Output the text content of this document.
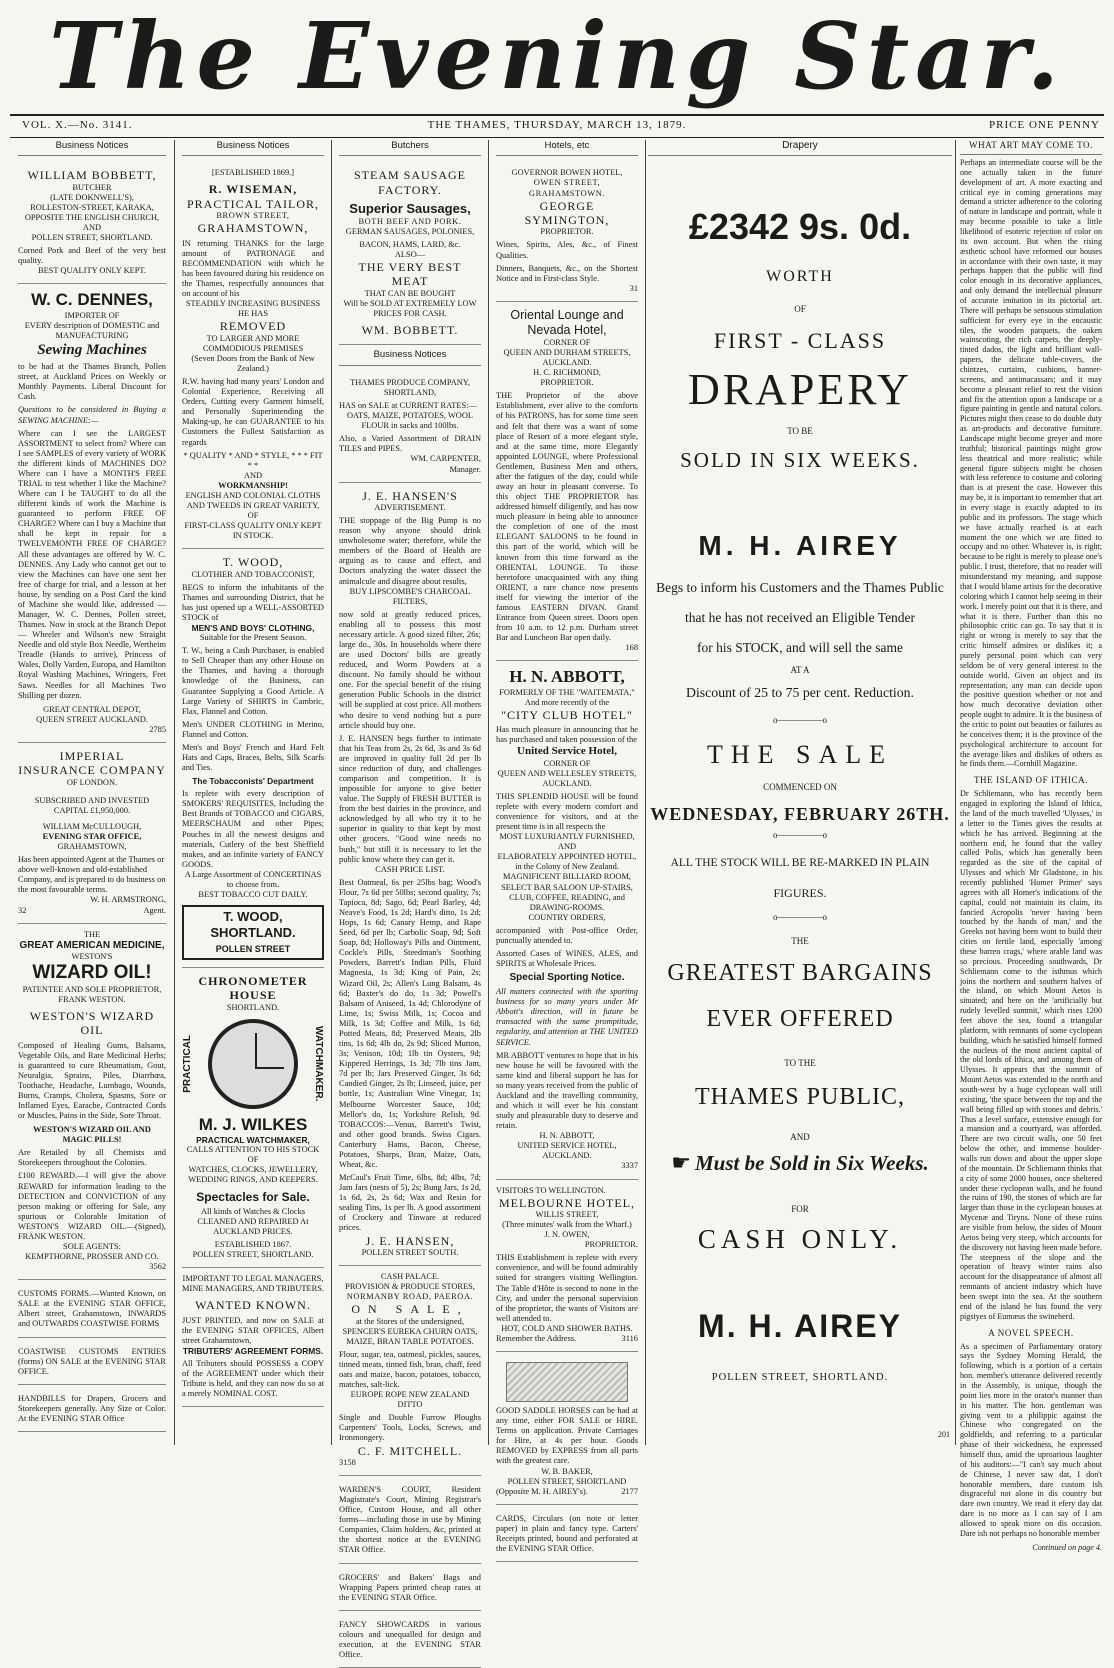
The Evening Star.
VOL. X.—No. 3141.	THE THAMES, THURSDAY, MARCH 13, 1879.	PRICE ONE PENNY
Business Notices
WILLIAM BOBBETT,
BUTCHER
(LATE DOKNWELL'S),
ROLLESTON-STREET, KARAKA,
OPPOSITE THE ENGLISH CHURCH,
AND
POLLEN STREET, SHORTLAND.
Corned Pork and Beef of the very best quality.
BEST QUALITY ONLY KEPT.
W. C. DENNES,
IMPORTER OF
EVERY description of DOMESTIC and MANUFACTURING
Sewing Machines
to be had at the Thames Branch, Pollen street, at Auckland Prices on Weekly or Monthly Payments. Liberal Discount for Cash.
Questions to be considered in Buying a SEWING MACHINE:—
Where can I see the LARGEST ASSORTMENT to select from? Where can I see SAMPLES of every variety of WORK the different kinds of MACHINES DO? Where can I have a MONTH'S FREE TRIAL to test whether I like the Machine? Where can I be TAUGHT to do all the different kinds of work the Machine is guaranteed to perform FREE OF CHARGE? Where can I buy a Machine that shall be kept in repair for a TWELVEMONTH FREE OF CHARGE? All these advantages are offered by W. C. DENNES. Any Lady who cannot get out to view the Machines can have one sent her free of charge for trial, and a lesson at her house, by sending on a Post Card the kind of Machine she would like, addressed — Manager, W. C. Dennes, Pollen street, Thames. Now in stock at the Branch Depot— Wheeler and Wilson's new Straight Needle and old style Box Needle, Wertheim Treadle (Hands to arrive), Princess of Wales, Dolly Varden, Europa, and Hamilton Royal Washing Machines, Wringers, Fret Saws. Needles for all Machines Two Shilling per dozen.
GREAT CENTRAL DEPOT,
QUEEN STREET AUCKLAND.
2785
IMPERIAL
INSURANCE COMPANY
OF LONDON.
SUBSCRIBED AND INVESTED
CAPITAL £1,950,000.
WILLIAM McCULLOUGH,
EVENING STAR OFFICE,
GRAHAMSTOWN,
Has been appointed Agent at the Thames or above well-known and old-established Company, and is prepared to do business on the most favourable terms.
W. H. ARMSTRONG,
32	Agent.
THE
GREAT AMERICAN MEDICINE,
WESTON'S
WIZARD OIL!
PATENTEE AND SOLE PROPRIETOR,
FRANK WESTON.
WESTON'S WIZARD OIL
Composed of Healing Gums, Balsams, Vegetable Oils, and Rare Medicinal Herbs; is guaranteed to cure Rheumatism, Gout, Neuralgia, Sprains, Piles, Diarrhœa, Toothache, Headache, Lumbago, Wounds, Burns, Cramps, Cholera, Spasms, Sore or Inflamed Eyes, Earache, Contracted Cords or Muscles, Pains in the Side, Sore Throat.
WESTON'S WIZARD OIL AND MAGIC PILLS!
Are Retailed by all Chemists and Storekeepers throughout the Colonies.
£100 REWARD.—I will give the above REWARD for information leading to the DETECTION and CONVICTION of any person making or offering for Sale, any spurious or Colorable Imitation of WESTON'S WIZARD OIL.—(Signed), FRANK WESTON.
SOLE AGENTS:
KEMPTHORNE, PROSSER AND CO.
3562
CUSTOMS FORMS.—Wanted Known, on SALE at the EVENING STAR OFFICE, Albert street, Grahamstown, INWARDS and OUTWARDS COASTWISE FORMS
COASTWISE CUSTOMS ENTRIES (forms) ON SALE at the EVENING STAR OFFICE.
HANDBILLS for Drapers, Grocers and Storekeepers generally. Any Size or Color. At the EVENING STAR Office
Business Notices
[ESTABLISHED 1869.]
R. WISEMAN,
PRACTICAL TAILOR,
BROWN STREET,
GRAHAMSTOWN,
IN returning THANKS for the large amount of PATRONAGE and RECOMMENDATION with which he has been favoured during his residence on the Thames, respectfully announces that on account of his
STEADILY INCREASING BUSINESS
HE HAS
REMOVED
TO LARGER AND MORE COMMODIOUS PREMISES
(Seven Doors from the Bank of New Zealand.)
R.W. having had many years' London and Colonial Experience, Receiving all Orders, Cutting every Garment himself, and Personally Superintending the Making-up, he can GUARANTEE to his Customers the Fullest Satisfaction as regards
* QUALITY * AND * STYLE, * * * FIT * *
AND
WORKMANSHIP!
ENGLISH AND COLONIAL CLOTHS AND TWEEDS IN GREAT VARIETY,
OF
FIRST-CLASS QUALITY ONLY KEPT IN STOCK.
T. WOOD,
CLOTHIER AND TOBACCONIST,
BEGS to inform the inhabitants of the Thames and surrounding District, that he has just opened up a WELL-ASSORTED STOCK of
MEN'S AND BOYS' CLOTHING,
Suitable for the Present Season.
T. W., being a Cash Purchaser, is enabled to Sell Cheaper than any other House on the Thames, and having a thorough knowledge of the Business, can Guarantee Supplying a Good Article. A Large Variety of SHIRTS in Cambric, Flax, Flannel and Cotton.
Men's UNDER CLOTHING in Merino, Flannel and Cotton.
Men's and Boys' French and Hard Felt Hats and Caps, Braces, Belts, Silk Scarfs and Ties.
The Tobacconists' Department
Is replete with every description of SMOKERS' REQUISITES, Including the Best Brands of TOBACCO and CIGARS, MEERSCHAUM and other Pipes; Pouches in all the newest designs and materials, Cutlery of the best Sheffield makes, and an infinite variety of FANCY GOODS.
A Large Assortment of CONCERTINAS to choose from.
BEST TOBACCO CUT DAILY.
T. WOOD, SHORTLAND.
POLLEN STREET
CHRONOMETER HOUSE
SHORTLAND.
PRACTICAL	WATCHMAKER.
M. J. WILKES
PRACTICAL WATCHMAKER,
CALLS ATTENTION TO HIS STOCK OF
WATCHES, CLOCKS, JEWELLERY, WEDDING RINGS, AND KEEPERS.
Spectacles for Sale.
All kinds of Watches & Clocks CLEANED AND REPAIRED At AUCKLAND PRICES.
ESTABLISHED 1867.
POLLEN STREET, SHORTLAND.
IMPORTANT TO LEGAL MANAGERS, MINE MANAGERS, AND TRIBUTERS.
WANTED KNOWN.
JUST PRINTED, and now on SALE at the EVENING STAR OFFICES, Albert street Grahamstown,
TRIBUTERS' AGREEMENT FORMS.
All Tributers should POSSESS a COPY of the AGREEMENT under which their Tribute is held, and they can now do so at a merely NOMINAL COST.
Butchers
STEAM SAUSAGE FACTORY.
Superior Sausages,
BOTH BEEF AND PORK.
GERMAN SAUSAGES, POLONIES,
BACON, HAMS, LARD, &c.
ALSO—
THE VERY BEST MEAT
THAT CAN BE BOUGHT
Will be SOLD AT EXTREMELY LOW
PRICES FOR CASH.
WM. BOBBETT.
Business Notices
THAMES PRODUCE COMPANY, SHORTLAND,
HAS on SALE at CURRENT RATES:—
OATS, MAIZE, POTATOES, WOOL FLOUR in sacks and 100lbs.
Also, a Varied Assortment of DRAIN TILES and PIPES.
WM. CARPENTER,
Manager.
J. E. HANSEN'S
ADVERTISEMENT.
THE stoppage of the Big Pump is no reason why anyone should drink unwholesome water; therefore, while the members of the Board of Health are arguing as to cause and effect, and Doctors analyzing the water dissect the animalcule and disagree about results,
BUY LIPSCOMBE'S CHARCOAL FILTERS,
now sold at greatly reduced prices, enabling all to possess this most necessary article. A good sized filter, 26s; large do., 30s. In households where there are used Doctors' bills are greatly reduced, and Worm Powders at a discount. No family should be without one. For the special benefit of the rising generation Public Schools in the district will be supplied at cost price. All mothers who desire to vend nothing but a pure article should buy one.
J. E. HANSEN begs further to intimate that his Teas from 2s, 2s 6d, 3s and 3s 6d are improved in quality full 2d per lb since reduction of duty, and challenges comparison and competition. It is impossible for anyone to give better value. The Supply of FRESH BUTTER is from the best dairies in the province, and acknowledged by all who try it to be superior in quality to that kept by most other grocers. "Good wine needs no bush," but still it is necessary to let the public know where they can get it.
CASH PRICE LIST.
Best Oatmeal, 6s per 25lbs bag; Wood's Flour, 7s 6d per 50lbs; second quality, 7s; Tapioca, 8d; Sago, 6d; Pearl Barley, 4d; Neave's Food, 1s 2d; Hard's ditto, 1s 2d; Hops, 1s 6d; Canary Hemp, and Rape Seed, 6d per lb; Carbolic Soap, 9d; Soft Soap, 8d; Holloway's Pills and Ointment, Cockle's Pills, Steedman's Soothing Powders, Barrett's Indian Pills, Fluid Magnesia, 1s 3d; King of Pain, 2s; Wizard Oil, 2s; Allen's Lung Balsam, 4s 6d; Baxter's do do, 1s 3d; Powell's Balsam of Aniseed, 1s 4d; Chlorodyne of Lime, 1s; Swiss Milk, 1s; Cocoa and Milk, 1s 3d; Coffee and Milk, 1s 6d; Potted Meats, 8d; Preserved Meats, 2lb tins, 1s 6d; 4lb do, 2s 9d; Sliced Mutton, 3s; Venison, 10d; 1lb tin Oysters, 9d; Kippered Herrings, 1s 3d; 7lb tins Jam, 7d per lb; Jars Preserved Ginger, 3s 6d; Candied Ginger, 2s lb; Linseed, juice, per bottle, 1s; Australian Wine Vinegar, 1s; Melbourne Worcester Sauce, 10d; Mellor's do, 1s; Yorkshire Relish, 9d. TOBACCOS:—Venus, Barrett's Twist, and other good brands. Swiss Cigars. Canterbury Hams, Bacon, Cheese, Potatoes, Sharps, Bran, Maize, Oats, Wheat, &c.
McCaul's Fruit Time, 6lbs, 8d; 4lbs, 7d; Jam Jars (nests of 5), 2s; Bung Jars, 1s 2d, 1s 6d, 2s, 2s 6d; Wax and Resin for sealing Tins, 1s per lb. A good assortment of Crockery and Tinware at reduced prices.
J. E. HANSEN,
POLLEN STREET SOUTH.
CASH PALACE.
PROVISION & PRODUCE STORES,
NORMANBY ROAD, PAEROA.
ON SALE,
at the Stores of the undersigned,
SPENCER'S EUREKA CHURN OATS, MAIZE, BRAN TABLE POTATOES.
Flour, sugar, tea, oatmeal, pickles, sauces, tinned meats, tinned fish, bran, chaff, feed oats and maize, bacon, potatoes, tobacco, matches, salt-lick.
EUROPE ROPE NEW ZEALAND DITTO
Single and Double Furrow Ploughs Carpenters' Tools, Locks, Screws, and Ironmongery.
C. F. MITCHELL.
3158
WARDEN'S COURT, Resident Magistrate's Court, Mining Registrar's Office, Custom House, and all other forms—including those in use by Mining Companies, Claim holders, &c, printed at the shortest notice at the EVENING STAR Office.
GROCERS' and Bakers' Bags and Wrapping Papers printed cheap rates at the EVENING STAR Office.
FANCY SHOWCARDS in various colours and unequalled for design and execution, at the EVENING STAR Office.
Hotels, etc
GOVERNOR BOWEN HOTEL,
OWEN STREET, GRAHAMSTOWN.
GEORGE SYMINGTON,
PROPRIETOR.
Wines, Spirits, Ales, &c., of Finest Qualities.
Dinners, Banquets, &c., on the Shortest Notice and in First-class Style.
31
Oriental Lounge and Nevada Hotel,
CORNER OF
QUEEN AND DURHAM STREETS,
AUCKLAND.
H. C. RICHMOND,
PROPRIETOR.
THE Proprietor of the above Establishment, ever alive to the comforts of his PATRONS, has for some time seen and felt that there was a want of some place of Resort of a more elegant style, and at the same time, more Elegantly appointed LOUNGE, where Professional Gentlemen, Business Men and others, after the fatigues of the day, could while away an hour in pleasant converse. To this object THE PROPRIETOR has addressed himself diligently, and has now much pleasure in being able to announce the completion of one of the most ELEGANT SALOONS to be found in this part of the world, which will be known from this time forward as the ORIENTAL LOUNGE. To those heretofore unacquainted with any thing ORIENT, a rare chance now presents itself for viewing the interior of the famous EASTERN DIVAN. Grand Entrance from Queen street. Doors open from 10 a.m. to 12 p.m. Durham street Bar and Luncheon Bar open daily.
168
H. N. ABBOTT,
FORMERLY OF THE "WAITEMATA,"
And more recently of the
"CITY CLUB HOTEL"
Has much pleasure in announcing that he has purchased and taken possession of the
United Service Hotel,
CORNER OF
QUEEN AND WELLESLEY STREETS,
AUCKLAND.
THIS SPLENDID HOUSE will be found replete with every modern comfort and convenience for visitors, and at the present time is in all respects the
MOST LUXURIANTLY FURNISHED,
AND
ELABORATELY APPOINTED HOTEL, in the Colony of New Zealand.
MAGNIFICENT BILLIARD ROOM,
SELECT BAR SALOON UP-STAIRS,
CLUB, COFFEE, READING, and DRAWING-ROOMS.
COUNTRY ORDERS,
accompanied with Post-office Order, punctually attended to.
Assorted Cases of WINES, ALES, and SPIRITS at Wholesale Prices.
Special Sporting Notice.
All matters connected with the sporting business for so many years under Mr Abbott's direction, will in future be transacted with the same promptitude, regularity, and attention at THE UNITED SERVICE.
MR ABBOTT ventures to hope that in his new house he will be favoured with the same kind and liberal support he has for so many years received from the public of Auckland and the travelling community, and which it will ever be his constant study and pleasurable duty to deserve and retain.
H. N. ABBOTT,
UNITED SERVICE HOTEL,
AUCKLAND.
3337
VISITORS TO WELLINGTON.
MELBOURNE HOTEL,
WILLIS STREET,
(Three minutes' walk from the Wharf.)
J. N. OWEN,
PROPRIETOR.
THIS Establishment is replete with every convenience, and will be found admirably suited for strangers visiting Wellington. The Table d'Hôte is second to none in the City, and under the personal supervision of the proprietor, the wants of Visitors are well attended to.
HOT, COLD AND SHOWER BATHS.
Remember the Address.	3116
GOOD SADDLE HORSES can be had at any time, either FOR SALE or HIRE. Terms on application. Private Carriages for Hire, at 4s per hour. Goods REMOVED by EXPRESS from all parts with the greatest care.
W. B. BAKER,
POLLEN STREET, SHORTLAND
(Opposite M. H. AIREY's).	2177
CARDS, Circulars (on note or letter paper) in plain and fancy type. Carters' Receipts printed, bound and perforated at the EVENING STAR Office.
Drapery
£2342 9s. 0d.
WORTH
OF
FIRST - CLASS
DRAPERY
TO BE
SOLD IN SIX WEEKS.
M. H. AIREY
Begs to inform his Customers and the Thames Public
that he has not received an Eligible Tender
for his STOCK, and will sell the same
AT A
Discount of 25 to 75 per cent. Reduction.
o—————o
THE SALE
COMMENCED ON
WEDNESDAY, FEBRUARY 26TH.
o—————o
ALL THE STOCK WILL BE RE-MARKED IN PLAIN
FIGURES.
o—————o
THE
GREATEST BARGAINS
EVER OFFERED
TO THE
THAMES PUBLIC,
AND
☛ Must be Sold in Six Weeks.
FOR
CASH ONLY.
M. H. AIREY
POLLEN STREET, SHORTLAND.
201
WHAT ART MAY COME TO.
Perhaps an intermediate course will be the one actually taken in the future development of art. A more exacting and critical eye in coming generations may demand a stricter adherence to the coloring of nature in landscape and portrait, while it may become possible to take a little likelihood of esoteric rejection of color on its own account. But when the rising æsthetic school have reformed our houses in accordance with their own taste, it may perhaps happen that the public will find color enough in its decorative appliances, and only demand the intellectual pleasure of accurate imitation in its pictorial art. There will perhaps be sensuous stimulation sufficient for every eye in the encaustic tiles, the wooden parquets, the oaken wainscoting, the rich carpets, the deeply-tinted dados, the light and brilliant wall-papers, the delicate table-covers, the chintzes, curtains, cushions, banner-screens, and antimacassars; and it may become a pleasant relief to rest the vision and fix the attention upon a landscape or a figure painting in gentle and natural colors. Pictures might then cease to do double duty as art-products and decorative furniture. Landscape might become greyer and more truthful; historical paintings might grow less theatrical and more realistic; while general figure subjects might be chosen with less reference to costume and coloring than is at present the case. However this may be, it is important to remember that art in every stage is exactly adapted to its public and its professors. The stage which we have actually reached is at each moment the one which we are fitted to occupy and no other. Whatever is, is right; because to be right is merely to please one's public. I trust, therefore, that no reader will misunderstand my meaning, and suppose that I would blame artists for the decorative coloring which I cannot help seeing in their work. I merely point out that it is there, and what it is there. Further than this no philosophic critic can go. To say that it is right or wrong is merely to say that the critic himself admires or dislikes it; a purely personal point which can very seldom be of very general interest to the outside world. Given an object and its representation, any man can decide upon the positive question whether or not and how much decorative deviation other people ought to admire. It is the business of the critic to point out beauties or failures as he conceives them; it is the province of the psychological architecture to account for the average likes and dislikes of others as he finds them.—Cornhill Magazine.
THE ISLAND OF ITHICA.
Dr Schliemann, who has recently been engaged in exploring the Island of Ithica, the land of the much travelled 'Ulysses,' in a letter to the Times gives the results at which he has arrived. Beginning at the northern end, he found that the valley called Polis, which has generally been regarded as the site of the capital of Ulysses and which Mr Gladstone, in his recently published 'Homer Primer' says agrees with all Homer's indications of the capital, could not maintain its claim, its fancied Acropolis 'never having been touched by the hands of man,' and the Greeks not having been wont to build their cities on fertile land, especially 'among these barren crags,' where arable land was so precious. Proceeding southwards, Dr Schliemann come to the isthmus which joins the northern and southern halves of the island, on which Mount Aetos is situated; and here on the 'artificially but rudely levelled summit,' which rises 1200 feet above the sea, found a triangular platform, with remnants of some cyclopean building, which he satisfied himself formed the nucleus of the most ancient capital of the old lords of Ithica, and among them of Ulysses. It appears that the summit of Mount Aetos was extended to the north and south-west by a huge cyclopean wall still existing, 'the space between the top and the wall being filled up with stones and debris.' Thus a level surface, extensive enough for a mansion and a courtyard, was afforded. There are two circuit walls, one 50 feet below the other, and immense boulder-walls run down and about the upper slope of the mountain. Dr Schliemann thinks that a city of some 2000 houses, once sheltered under these cyclopean walls, and he found the ruins of 190, the stones of which are far larger than those in the cyclopean houses at Mycenæ and Tiryns. None of these ruins are visible from below, the sides of Mount Aetos being very steep, which accounts for the discovery not having been made before. The steepness of the slope and the operation of heavy winter rains also account for the disappearance of almost all remnants of ancient industry which have been swept into the sea. At the southern end of the island he has found the very pigstyes of Eumæus the swineherd.
A NOVEL SPEECH.
As a specimen of Parliamentary oratory says the Sydney Morning Herald, the following, which is a portion of a certain hon. member's utterance delivered recently in the Assembly, is unique, though the point lies more in the orator's manner than in his matter. The hon. gentleman was giving vent to a philippic against the Chinese who congregated on the goldfields, and referring to a particular phase of their wickedness, he expressed himself thus, amid the uproarious laughter of his auditors:—"I can't say much about de Chinese, I never saw dat, I don't honorable members, dare custom ish disgraceful not alone in dis country but dare own country. We read it efery day dat dare is no more as I can say of I am allowed to speak more on dis occasion. Dare ish not perhaps no honorable member
Continued on page 4.
